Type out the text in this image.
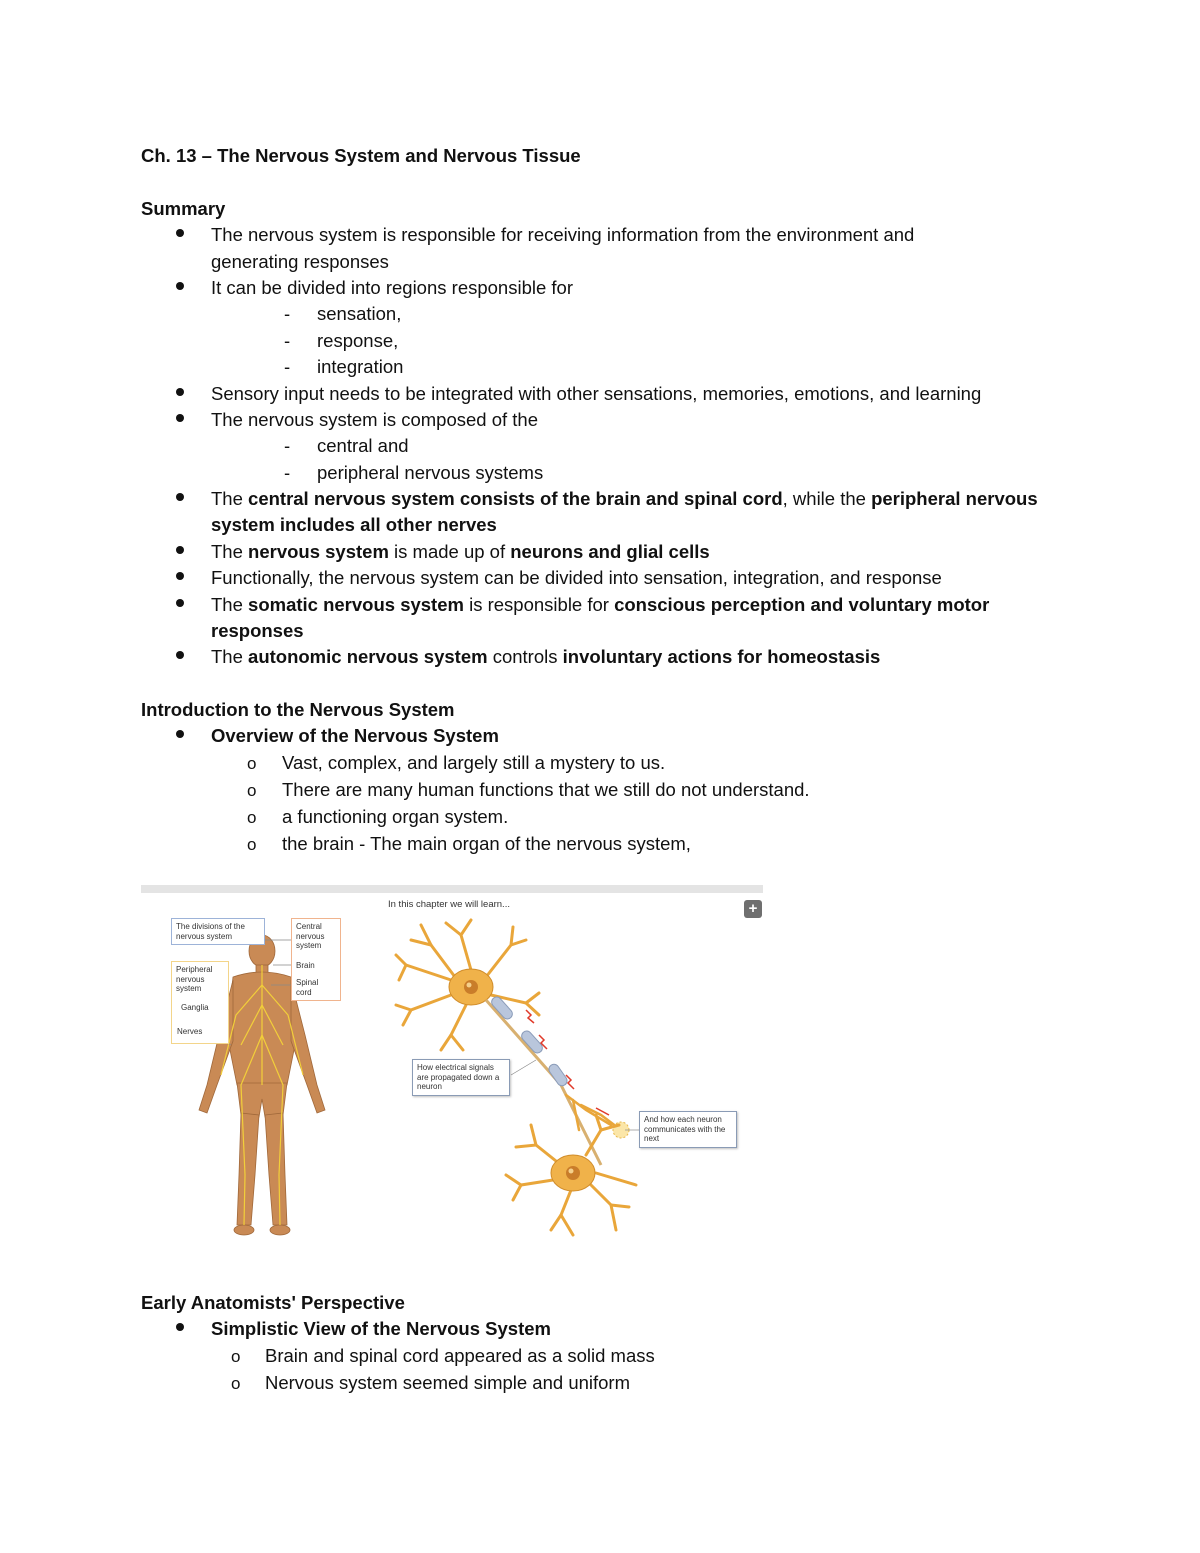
Ch. 13 – The Nervous System and Nervous Tissue
Summary
The nervous system is responsible for receiving information from the environment and
generating responses
It can be divided into regions responsible for
- sensation,
- response,
- integration
Sensory input needs to be integrated with other sensations, memories, emotions, and learning
The nervous system is composed of the
- central and
- peripheral nervous systems
The central nervous system consists of the brain and spinal cord, while the peripheral nervous
system includes all other nerves
The nervous system is made up of neurons and glial cells
Functionally, the nervous system can be divided into sensation, integration, and response
The somatic nervous system is responsible for conscious perception and voluntary motor
responses
The autonomic nervous system controls involuntary actions for homeostasis
Introduction to the Nervous System
Overview of the Nervous System
o Vast, complex, and largely still a mystery to us.
o There are many human functions that we still do not understand.
o a functioning organ system.
o the brain - The main organ of the nervous system,
In this chapter we will learn...	+
The divisions of the nervous system
Central nervous system
Brain
Spinal cord
Peripheral nervous system
Ganglia
Nerves
How electrical signals are propagated down a neuron
And how each neuron communicates with the next
Early Anatomists' Perspective
Simplistic View of the Nervous System
o Brain and spinal cord appeared as a solid mass
o Nervous system seemed simple and uniform
